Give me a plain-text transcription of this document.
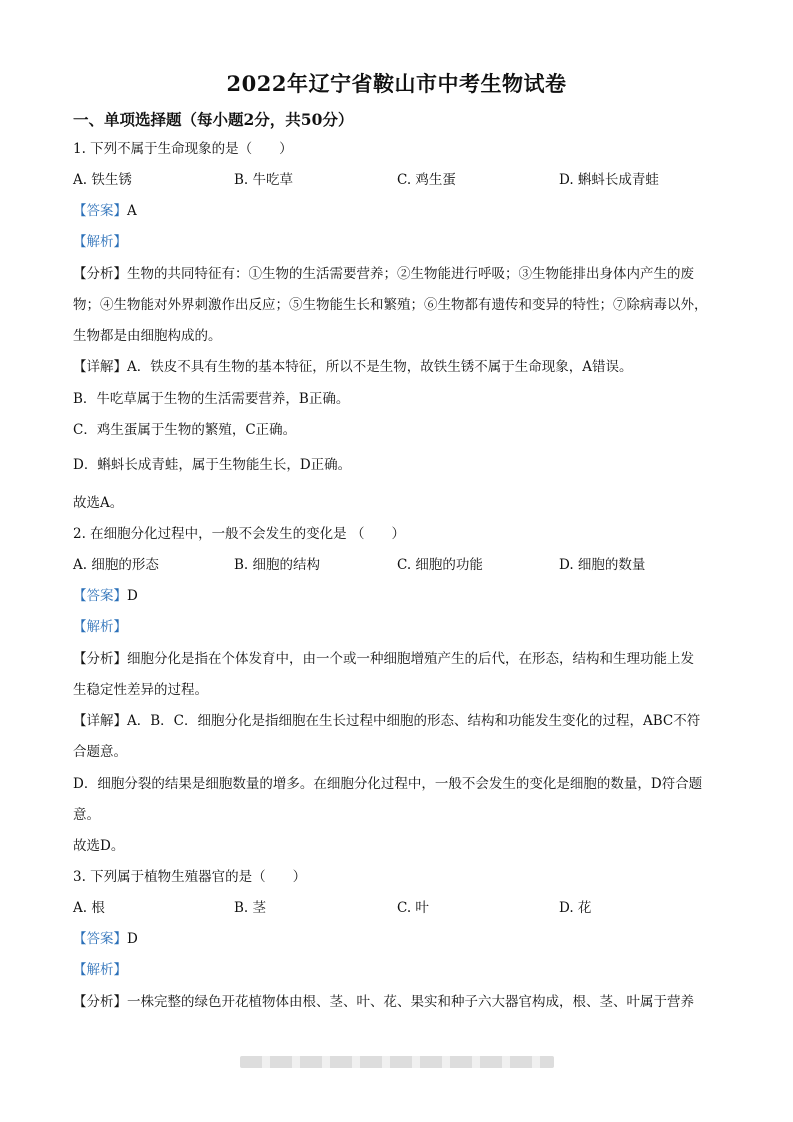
2022年辽宁省鞍山市中考生物试卷
一、单项选择题（每小题2分，共50分）
1. 下列不属于生命现象的是（　　）
A. 铁生锈	B. 牛吃草	C. 鸡生蛋	D. 蝌蚪长成青蛙
【答案】A
【解析】
【分析】生物的共同特征有：①生物的生活需要营养；②生物能进行呼吸；③生物能排出身体内产生的废
物；④生物能对外界刺激作出反应；⑤生物能生长和繁殖；⑥生物都有遗传和变异的特性；⑦除病毒以外，
生物都是由细胞构成的。
【详解】A．铁皮不具有生物的基本特征，所以不是生物，故铁生锈不属于生命现象，A错误。
B．牛吃草属于生物的生活需要营养，B正确。
C．鸡生蛋属于生物的繁殖，C正确。
D．蝌蚪长成青蛙，属于生物能生长，D正确。
故选A。
2. 在细胞分化过程中，一般不会发生的变化是 （　　）
A. 细胞的形态	B. 细胞的结构	C. 细胞的功能	D. 细胞的数量
【答案】D
【解析】
【分析】细胞分化是指在个体发育中，由一个或一种细胞增殖产生的后代，在形态，结构和生理功能上发
生稳定性差异的过程。
【详解】A．B．C．细胞分化是指细胞在生长过程中细胞的形态、结构和功能发生变化的过程，ABC不符
合题意。
D．细胞分裂的结果是细胞数量的增多。在细胞分化过程中，一般不会发生的变化是细胞的数量，D符合题
意。
故选D。
3. 下列属于植物生殖器官的是（　　）
A. 根	B. 茎	C. 叶	D. 花
【答案】D
【解析】
【分析】一株完整的绿色开花植物体由根、茎、叶、花、果实和种子六大器官构成，根、茎、叶属于营养
